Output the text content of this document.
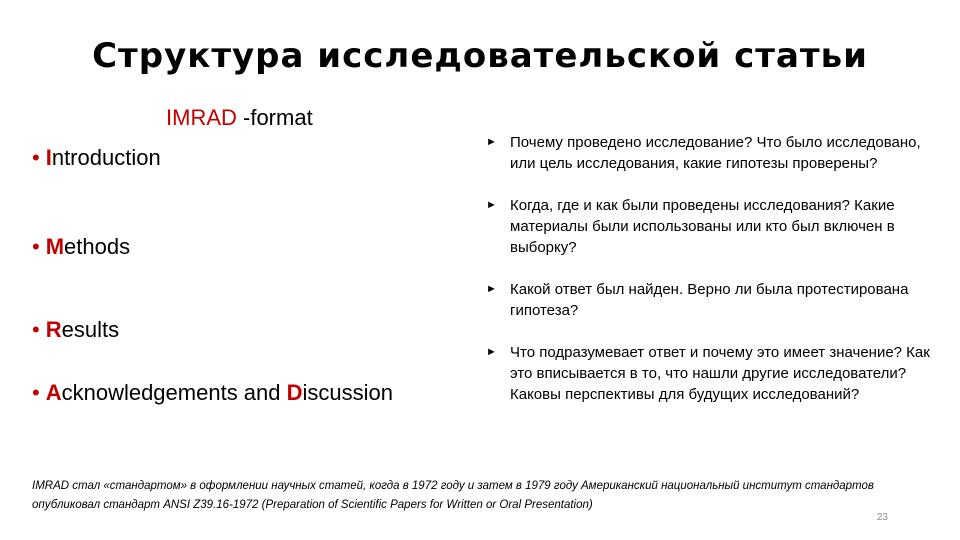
Структура исследовательской статьи
IMRAD -format
• Introduction
• Methods
• Results
• Acknowledgements and Discussion
► Почему проведено исследование? Что было исследовано, или цель исследования, какие гипотезы проверены?
► Когда, где и как были проведены исследования? Какие материалы были использованы или кто был включен в выборку?
► Какой ответ был найден. Верно ли была протестирована гипотеза?
► Что подразумевает ответ и почему это имеет значение? Как это вписывается в то, что нашли другие исследователи? Каковы перспективы для будущих исследований?
IMRAD стал «стандартом» в оформлении научных статей, когда в 1972 году и затем в 1979 году Американский национальный институт стандартов опубликовал стандарт ANSI Z39.16-1972 (Preparation of Scientific Papers for Written or Oral Presentation)
23
